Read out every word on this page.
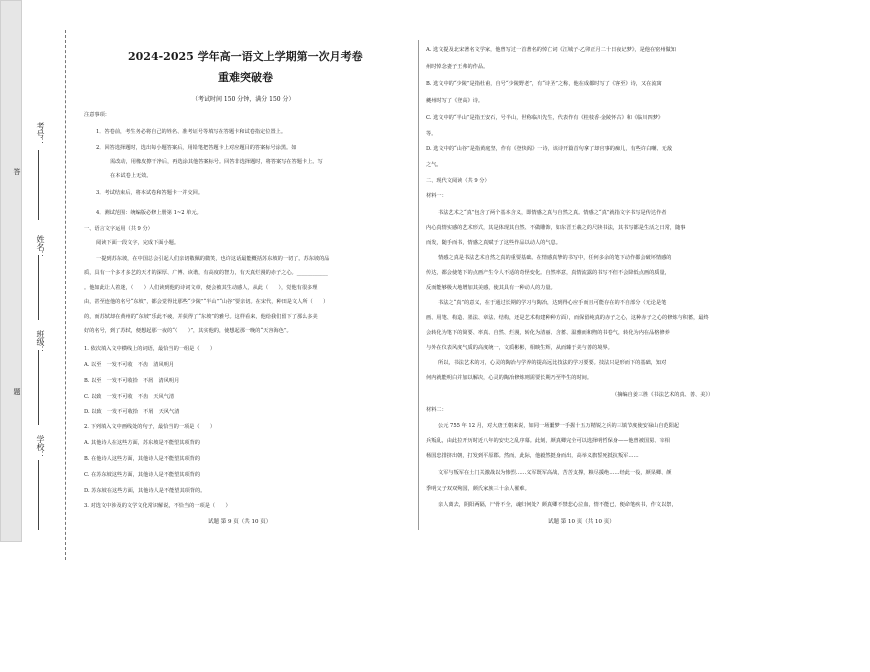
答
题
考号：
姓名：
班级：
学校：
2024-2025 学年高一语文上学期第一次月考卷
重难突破卷
（考试时间 150 分钟，满分 150 分）
注意事项：
1．答卷前，考生务必将自己的姓名、准考证号等填写在答题卡和试卷指定位置上。
2．回答选择题时，选出每小题答案后，用铅笔把答题卡上对应题目的答案标号涂黑。如
需改动，用橡皮擦干净后，再选涂其他答案标号。回答非选择题时，将答案写在答题卡上。写
在本试卷上无效。
3．考试结束后，将本试卷和答题卡一并交回。
4．测试范围：统编版必修上册第 1~2 单元。
一、语言文字运用（共 9 分）
阅读下面一段文字，完成下面小题。
一提到苏东坡，在中国总会引起人们亲切敬佩的微笑，也许这话最能概括苏东坡的一切了。苏东坡的品
质，具有一个多才多艺的天才的深厚、广博、诙谐，有高度的智力，有天真烂漫的赤子之心。____________
。他如此让人着迷，（　　）人们读到他的诗词文章，便会被其生动感人，从此（　　），觉他有很多理
由，甚至连他的名号“东坡”，都会觉得比那些“少陵”“半山”“山谷”要亲切。在宋代，种田是文人所（　　）
的，而苏轼却在黄州的“东坡”乐此不疲，并获得了“东坡”的雅号。这样看来，他给我们留下了那么多美
好的名号，到了苏轼，便想起那一夜的“（　　）”，其实他的，使想起那一晚的“天容海色”。
1. 依次填入文中横线上的词语，最恰当的一组是（　　）
A. 以至　一发不可收　不齿　清风明月
B. 以至　一发不可收拾　不屑　清风明月
C. 以致　一发不可收　不齿　天风气清
D. 以致　一发不可收拾　不屑　天风气清
2. 下列填入文中画线处的句子，最恰当的一项是（　　）
A. 其他诗人在这些方面，苏东坡是不能望其项背的
B. 在他诗人这些方面，其他诗人是不能望其项背的
C. 在苏东坡这些方面，其他诗人是不能望其项背的
D. 苏东坡在这些方面，其他诗人是不能望其项背的。
3. 对选文中涉及的文学文化常识解说，不恰当的一项是（　　）
试题 第 9 页（共 10 页）
A. 选文提及北宋著名文学家，他曾写过一首著名的悼亡词《江城子·乙卯正月二十日夜记梦》，是他在密州做知
州时悼念妻子王弗的作品。
B. 选文中的“少陵”是指杜甫，自号“少陵野老”，有“诗圣”之称，他在成都时写了《客至》诗，又在流寓
夔州时写了《登高》诗。
C. 选文中的“半山”是指王安石，号半山，世称临川先生，代表作有《桂枝香·金陵怀古》和《临川四梦》
等。
D. 选文中的“山谷”是指黄庭坚，作有《登快阁》一诗，该诗开篇首句拿了却官事的痴儿，有些许白嘲、无敌
之气。
二、现代文阅读（共 9 分）
材料一：
书法艺术之“真”包含了两个基本含义，即情感之真与自然之真。情感之“真”就指文字书写是传达作者
内心真情实感的艺术形式，其是体现其自然、不做雕饰，如东晋王羲之的尺牍书法，其书写都是生活之日常，随事
而发，随手而书，情感之真赋于了这些作品以动人的气息。
情感之真是书法艺术自然之真的重要基础。在情感真挚的书写中，任何多余的笔下动作都会破坏情感的
传达，都会使笔下的点画产生令人不适的奇怪变化。自然率意，真情流露的书写不但不会降低点画的质量，
反而能够极大地增加其美感，使其具有一种动人的力量。
书法之“真”的意义，在于通过长期的学习与陶冶，达到得心应手而且可能存在的不自部分（无论是笔
画、用笔、构造、墨法、章法、结构，还是艺术构建种种方面），而保留纯真的赤子之心，这种赤子之心的修炼与积蓄，最终
会转化为笔下的简要、率真、自然、烂漫，转化为清丽、含蓄、温雅而和煦的书卷气，转化为内在品格修养
与外在仪表风度气质的高度统一，文质彬彬，相映生辉，从而臻于美与善的境界。
所以，书法艺术的习，心灵的陶冶与学养的提高远比技法的学习要要。技法只是形而下的基础，知对
何内就能明白并加以解决，心灵的陶冶修炼则需要长期乃至毕生的时间。
（摘编自姜三胜《书法艺术的真、善、美》）
材料二：
公元 755 年 12 月，对大唐王朝来说，如同一场噩梦一手握十五万精锐之兵的三镇节度使安禄山自范阳起
兵叛乱，由此拉开历时近八年的安史之乱序幕。此刻，颜真卿完全可以选择明哲保身——他曾被国舅、宰相
杨国忠排挤出朝，打发到平原郡。然而，此际，他毅然挺身而出，高举义旗誓死抵抗叛军……
文军与叛军在土门关激战以为惨烈……义军既军高战，苦苦支撑，粮尽援绝……经此一役，颜杲卿、颜
季明父子双双殉国，颜氏家族三十余人罹难。
亲人离去，阴阳两隔，尸骨不全，魂归何处？颜真卿不禁悲心泣血，情不能已，便命笔疾书，作文以祭，
试题 第 10 页（共 10 页）
